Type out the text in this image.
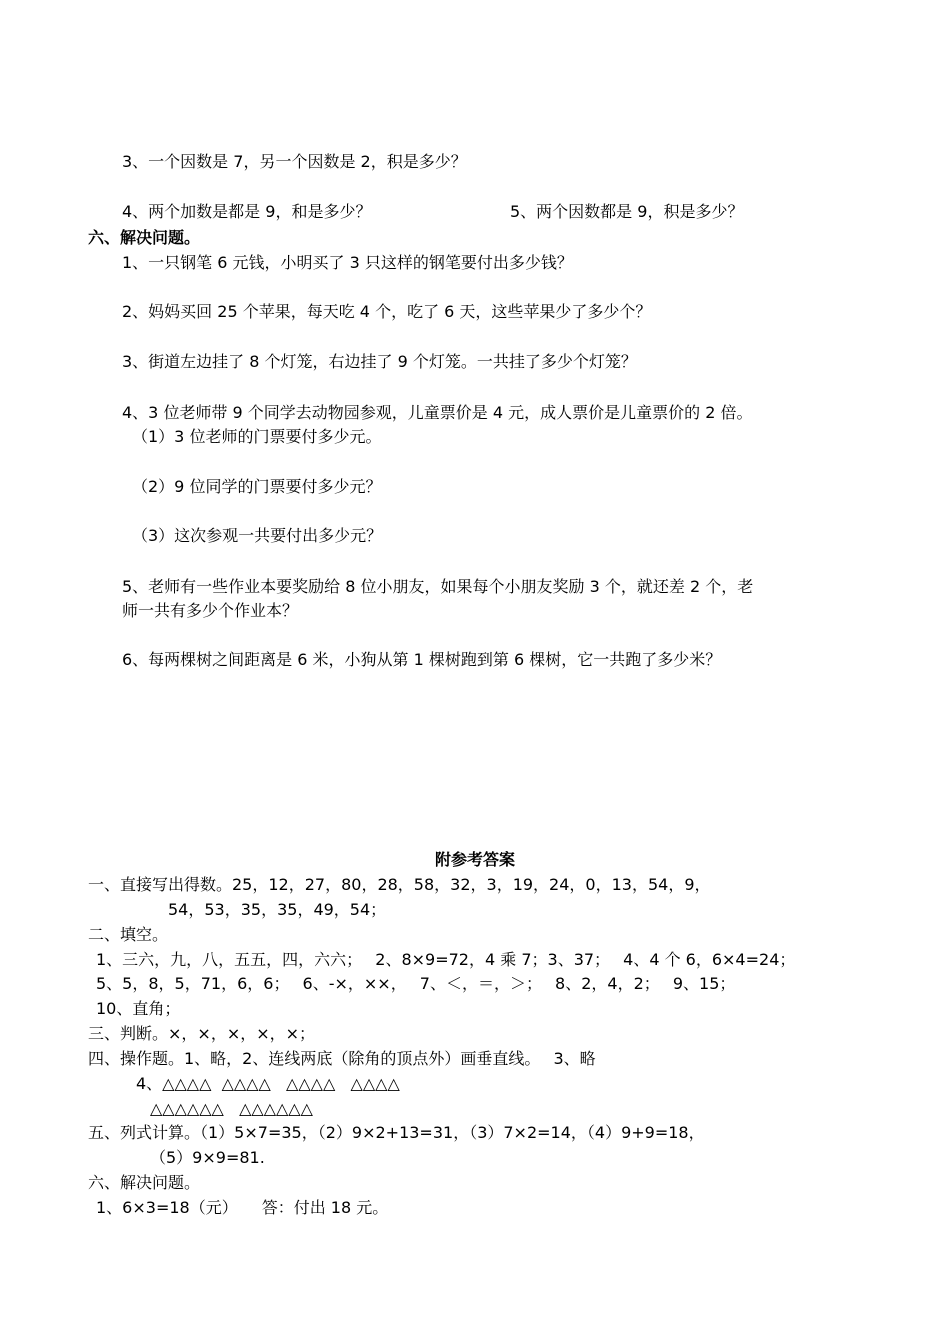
3、一个因数是 7，另一个因数是 2，积是多少？
4、两个加数是都是 9，和是多少？	5、两个因数都是 9，积是多少？
六、解决问题。
1、一只钢笔 6 元钱，小明买了 3 只这样的钢笔要付出多少钱？
2、妈妈买回 25 个苹果，每天吃 4 个，吃了 6 天，这些苹果少了多少个？
3、街道左边挂了 8 个灯笼，右边挂了 9 个灯笼。一共挂了多少个灯笼？
4、3 位老师带 9 个同学去动物园参观，儿童票价是 4 元，成人票价是儿童票价的 2 倍。
（1）3 位老师的门票要付多少元。
（2）9 位同学的门票要付多少元？
（3）这次参观一共要付出多少元？
5、老师有一些作业本要奖励给 8 位小朋友，如果每个小朋友奖励 3 个，就还差 2 个，老
师一共有多少个作业本？
6、每两棵树之间距离是 6 米，小狗从第 1 棵树跑到第 6 棵树，它一共跑了多少米？
附参考答案
一、直接写出得数。25，12，27，80，28，58，32，3，19，24，0，13，54，9，
54，53，35，35，49，54；
二、填空。
1、三六，九，八，五五，四，六六；　 2、8×9=72，4 乘 7；3、37；　 4、4 个 6，6×4=24；
5、5，8，5，71，6，6；　 6、-×，××，　 7、＜，＝，＞；　 8、2，4，2；　 9、15；
10、直角；
三、判断。×，×，×，×，×；
四、操作题。1、略，2、连线两底（除角的顶点外）画垂直线。　 3、略
4、△△△△  △△△△   △△△△   △△△△
△△△△△△   △△△△△△
五、列式计算。（1）5×7=35，（2）9×2+13=31，（3）7×2=14，（4）9+9=18，
（5）9×9=81.
六、解决问题。
1、6×3=18（元）　　答：付出 18 元。
